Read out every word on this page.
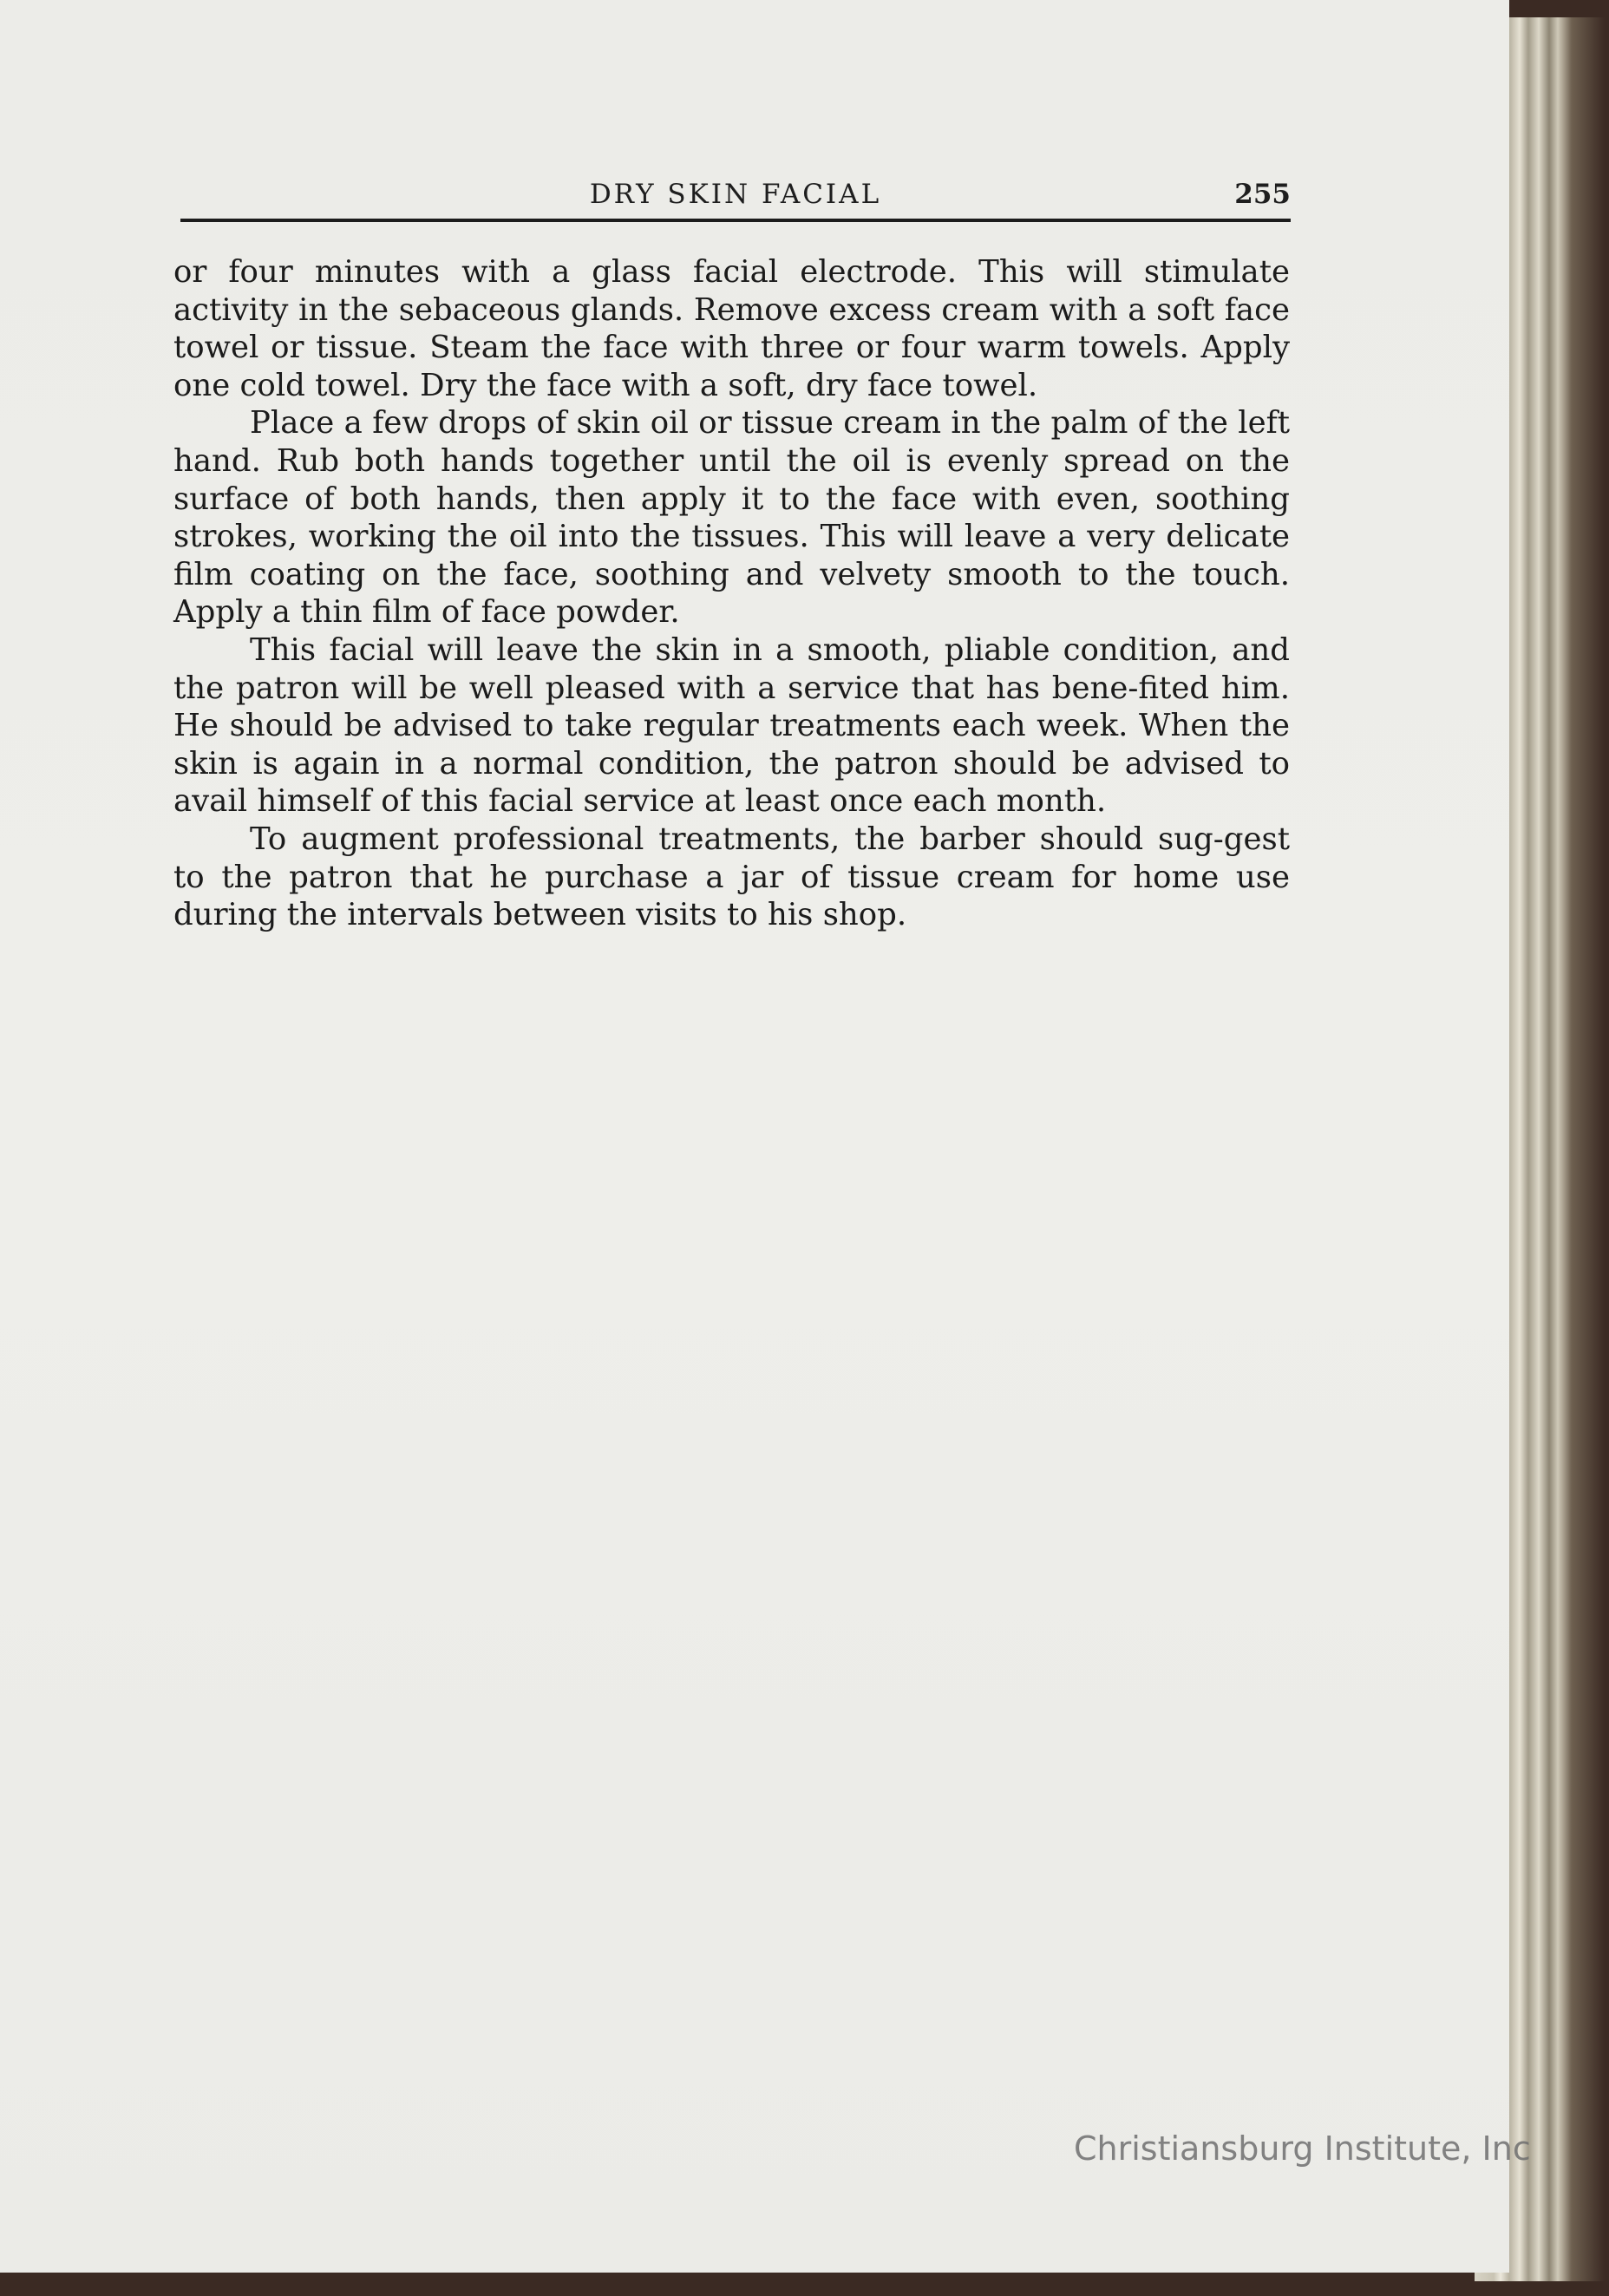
DRY SKIN FACIAL	255

or four minutes with a glass facial electrode. This will stimulate activity in the sebaceous glands. Remove excess cream with a soft face towel or tissue. Steam the face with three or four warm towels. Apply one cold towel. Dry the face with a soft, dry face towel.

Place a few drops of skin oil or tissue cream in the palm of the left hand. Rub both hands together until the oil is evenly spread on the surface of both hands, then apply it to the face with even, soothing strokes, working the oil into the tissues. This will leave a very delicate film coating on the face, soothing and velvety smooth to the touch. Apply a thin film of face powder.

This facial will leave the skin in a smooth, pliable condition, and the patron will be well pleased with a service that has bene-fited him. He should be advised to take regular treatments each week. When the skin is again in a normal condition, the patron should be advised to avail himself of this facial service at least once each month.

To augment professional treatments, the barber should sug-gest to the patron that he purchase a jar of tissue cream for home use during the intervals between visits to his shop.

Christiansburg Institute, Inc
